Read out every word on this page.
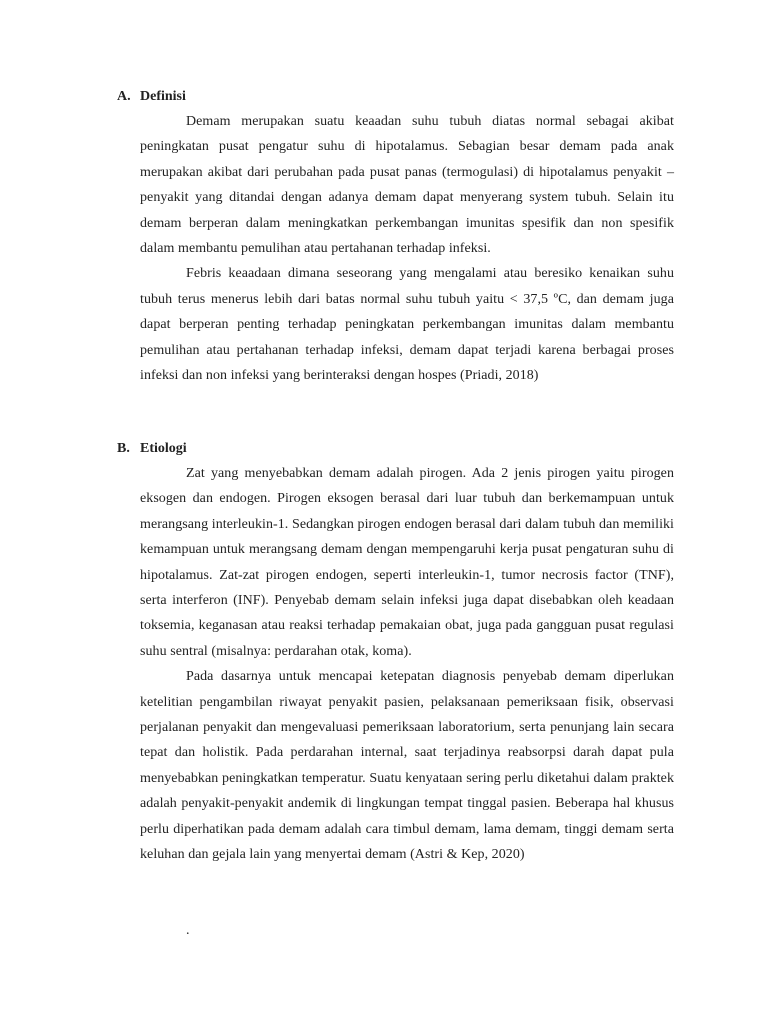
A. Definisi

Demam merupakan suatu keaadan suhu tubuh diatas normal sebagai akibat peningkatan pusat pengatur suhu di hipotalamus. Sebagian besar demam pada anak merupakan akibat dari perubahan pada pusat panas (termogulasi) di hipotalamus penyakit – penyakit yang ditandai dengan adanya demam dapat menyerang system tubuh. Selain itu demam berperan dalam meningkatkan perkembangan imunitas spesifik dan non spesifik dalam membantu pemulihan atau pertahanan terhadap infeksi.

Febris keaadaan dimana seseorang yang mengalami atau beresiko kenaikan suhu tubuh terus menerus lebih dari batas normal suhu tubuh yaitu < 37,5 ºC, dan demam juga dapat berperan penting terhadap peningkatan perkembangan imunitas dalam membantu pemulihan atau pertahanan terhadap infeksi, demam dapat terjadi karena berbagai proses infeksi dan non infeksi yang berinteraksi dengan hospes (Priadi, 2018)

B. Etiologi

Zat yang menyebabkan demam adalah pirogen. Ada 2 jenis pirogen yaitu pirogen eksogen dan endogen. Pirogen eksogen berasal dari luar tubuh dan berkemampuan untuk merangsang interleukin-1. Sedangkan pirogen endogen berasal dari dalam tubuh dan memiliki kemampuan untuk merangsang demam dengan mempengaruhi kerja pusat pengaturan suhu di hipotalamus. Zat-zat pirogen endogen, seperti interleukin-1, tumor necrosis factor (TNF), serta interferon (INF). Penyebab demam selain infeksi juga dapat disebabkan oleh keadaan toksemia, keganasan atau reaksi terhadap pemakaian obat, juga pada gangguan pusat regulasi suhu sentral (misalnya: perdarahan otak, koma).

Pada dasarnya untuk mencapai ketepatan diagnosis penyebab demam diperlukan ketelitian pengambilan riwayat penyakit pasien, pelaksanaan pemeriksaan fisik, observasi perjalanan penyakit dan mengevaluasi pemeriksaan laboratorium, serta penunjang lain secara tepat dan holistik. Pada perdarahan internal, saat terjadinya reabsorpsi darah dapat pula menyebabkan peningkatkan temperatur. Suatu kenyataan sering perlu diketahui dalam praktek adalah penyakit-penyakit andemik di lingkungan tempat tinggal pasien. Beberapa hal khusus perlu diperhatikan pada demam adalah cara timbul demam, lama demam, tinggi demam serta keluhan dan gejala lain yang menyertai demam (Astri & Kep, 2020)

.
